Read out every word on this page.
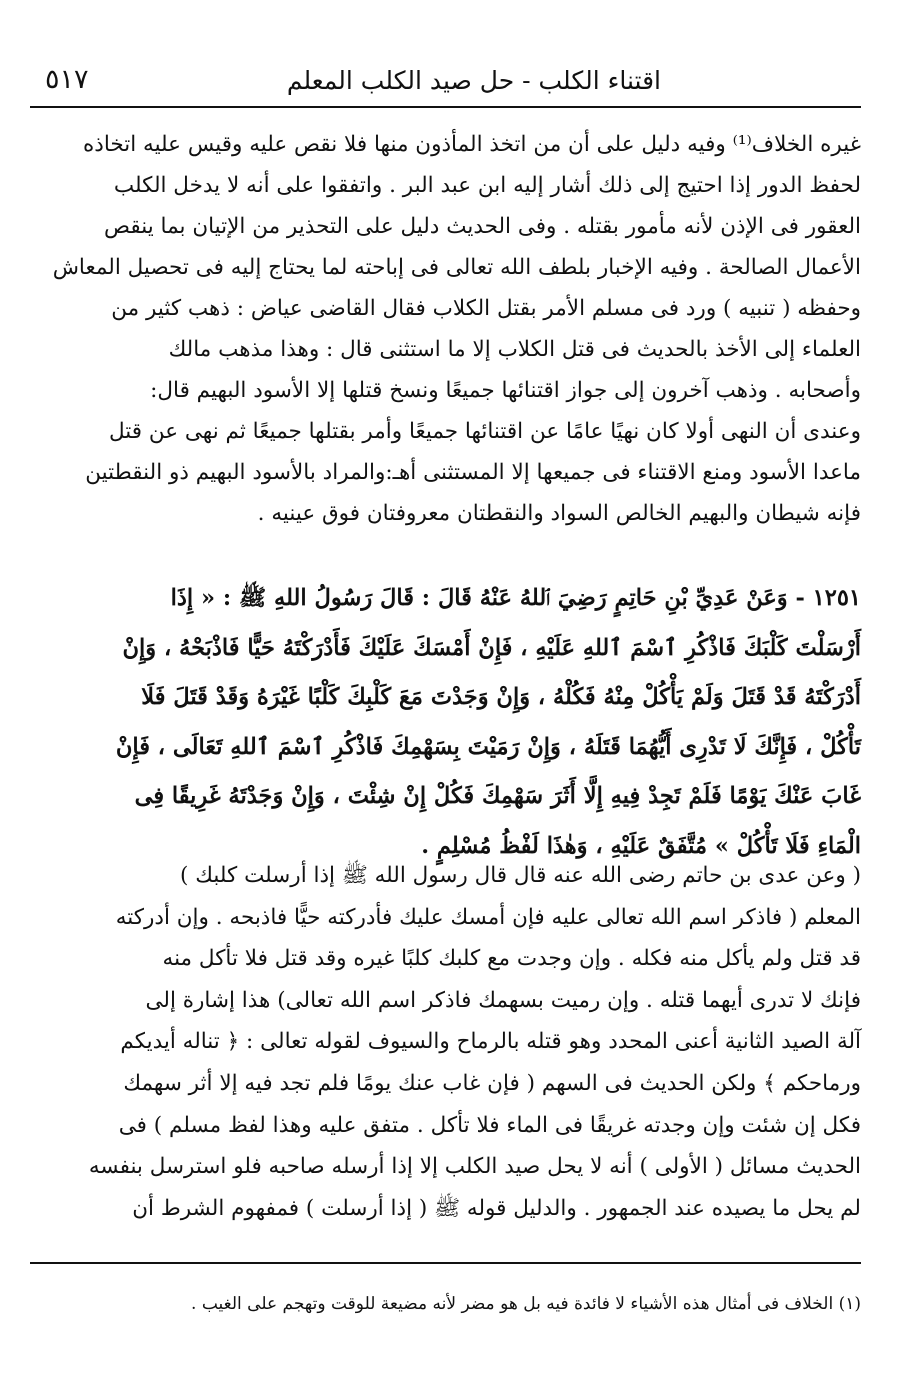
اقتناء الكلب - حل صيد الكلب المعلم
٥١٧
غيره الخلاف⁽¹⁾ وفيه دليل على أن من اتخذ المأذون منها فلا نقص عليه وقيس عليه اتخاذه
لحفظ الدور إذا احتيج إلى ذلك أشار إليه ابن عبد البر . واتفقوا على أنه لا يدخل الكلب
العقور فى الإذن لأنه مأمور بقتله . وفى الحديث دليل على التحذير من الإتيان بما ينقص
الأعمال الصالحة . وفيه الإخبار بلطف الله تعالى فى إباحته لما يحتاج إليه فى تحصيل المعاش
وحفظه ( تنبيه ) ورد فى مسلم الأمر بقتل الكلاب فقال القاضى عياض : ذهب كثير من
العلماء إلى الأخذ بالحديث فى قتل الكلاب إلا ما استثنى قال : وهذا مذهب مالك
وأصحابه . وذهب آخرون إلى جواز اقتنائها جميعًا ونسخ قتلها إلا الأسود البهيم قال:
وعندى أن النهى أولا كان نهيًا عامًا عن اقتنائها جميعًا وأمر بقتلها جميعًا ثم نهى عن قتل
ماعدا الأسود ومنع الاقتناء فى جميعها إلا المستثنى أهـ:والمراد بالأسود البهيم ذو النقطتين
فإنه شيطان والبهيم الخالص السواد والنقطتان معروفتان فوق عينيه .
١٢٥١ - وَعَنْ عَدِيِّ بْنِ حَاتِمٍ رَضِيَ ٱللهُ عَنْهُ قَالَ : قَالَ رَسُولُ اللهِ ﷺ : « إِذَا
أَرْسَلْتَ كَلْبَكَ فَاذْكُرِ ٱسْمَ ٱللهِ عَلَيْهِ ، فَإِنْ أَمْسَكَ عَلَيْكَ فَأَدْرَكْتَهُ حَيًّا فَاذْبَحْهُ ، وَإِنْ
أَدْرَكْتَهُ قَدْ قَتَلَ وَلَمْ يَأْكُلْ مِنْهُ فَكُلْهُ ، وَإِنْ وَجَدْتَ مَعَ كَلْبِكَ كَلْبًا غَيْرَهُ وَقَدْ قَتَلَ فَلَا
تَأْكُلْ ، فَإِنَّكَ لَا تَدْرِى أَيُّهُمَا قَتَلَهُ ، وَإِنْ رَمَيْتَ بِسَهْمِكَ فَاذْكُرِ ٱسْمَ ٱللهِ تَعَالَى ، فَإِنْ
غَابَ عَنْكَ يَوْمًا فَلَمْ تَجِدْ فِيهِ إِلَّا أَثَرَ سَهْمِكَ فَكُلْ إِنْ شِئْتَ ، وَإِنْ وَجَدْتَهُ غَرِيقًا فِى
الْمَاءِ فَلَا تَأْكُلْ » مُتَّفَقٌ عَلَيْهِ ، وَهٰذَا لَفْظُ مُسْلِمٍ .
( وعن عدى بن حاتم رضى الله عنه قال قال رسول الله ﷺ إذا أرسلت كلبك )
المعلم ( فاذكر اسم الله تعالى عليه فإن أمسك عليك فأدركته حيًّا فاذبحه . وإن أدركته
قد قتل ولم يأكل منه فكله . وإن وجدت مع كلبك كلبًا غيره وقد قتل فلا تأكل منه
فإنك لا تدرى أيهما قتله . وإن رميت بسهمك فاذكر اسم الله تعالى) هذا إشارة إلى
آلة الصيد الثانية أعنى المحدد وهو قتله بالرماح والسيوف لقوله تعالى : ﴿ تناله أيديكم
ورماحكم ﴾ ولكن الحديث فى السهم ( فإن غاب عنك يومًا فلم تجد فيه إلا أثر سهمك
فكل إن شئت وإن وجدته غريقًا فى الماء فلا تأكل . متفق عليه وهذا لفظ مسلم ) فى
الحديث مسائل ( الأولى ) أنه لا يحل صيد الكلب إلا إذا أرسله صاحبه فلو استرسل بنفسه
لم يحل ما يصيده عند الجمهور . والدليل قوله ﷺ ( إذا أرسلت ) فمفهوم الشرط أن
(١) الخلاف فى أمثال هذه الأشياء لا فائدة فيه بل هو مضر لأنه مضيعة للوقت وتهجم على الغيب .
